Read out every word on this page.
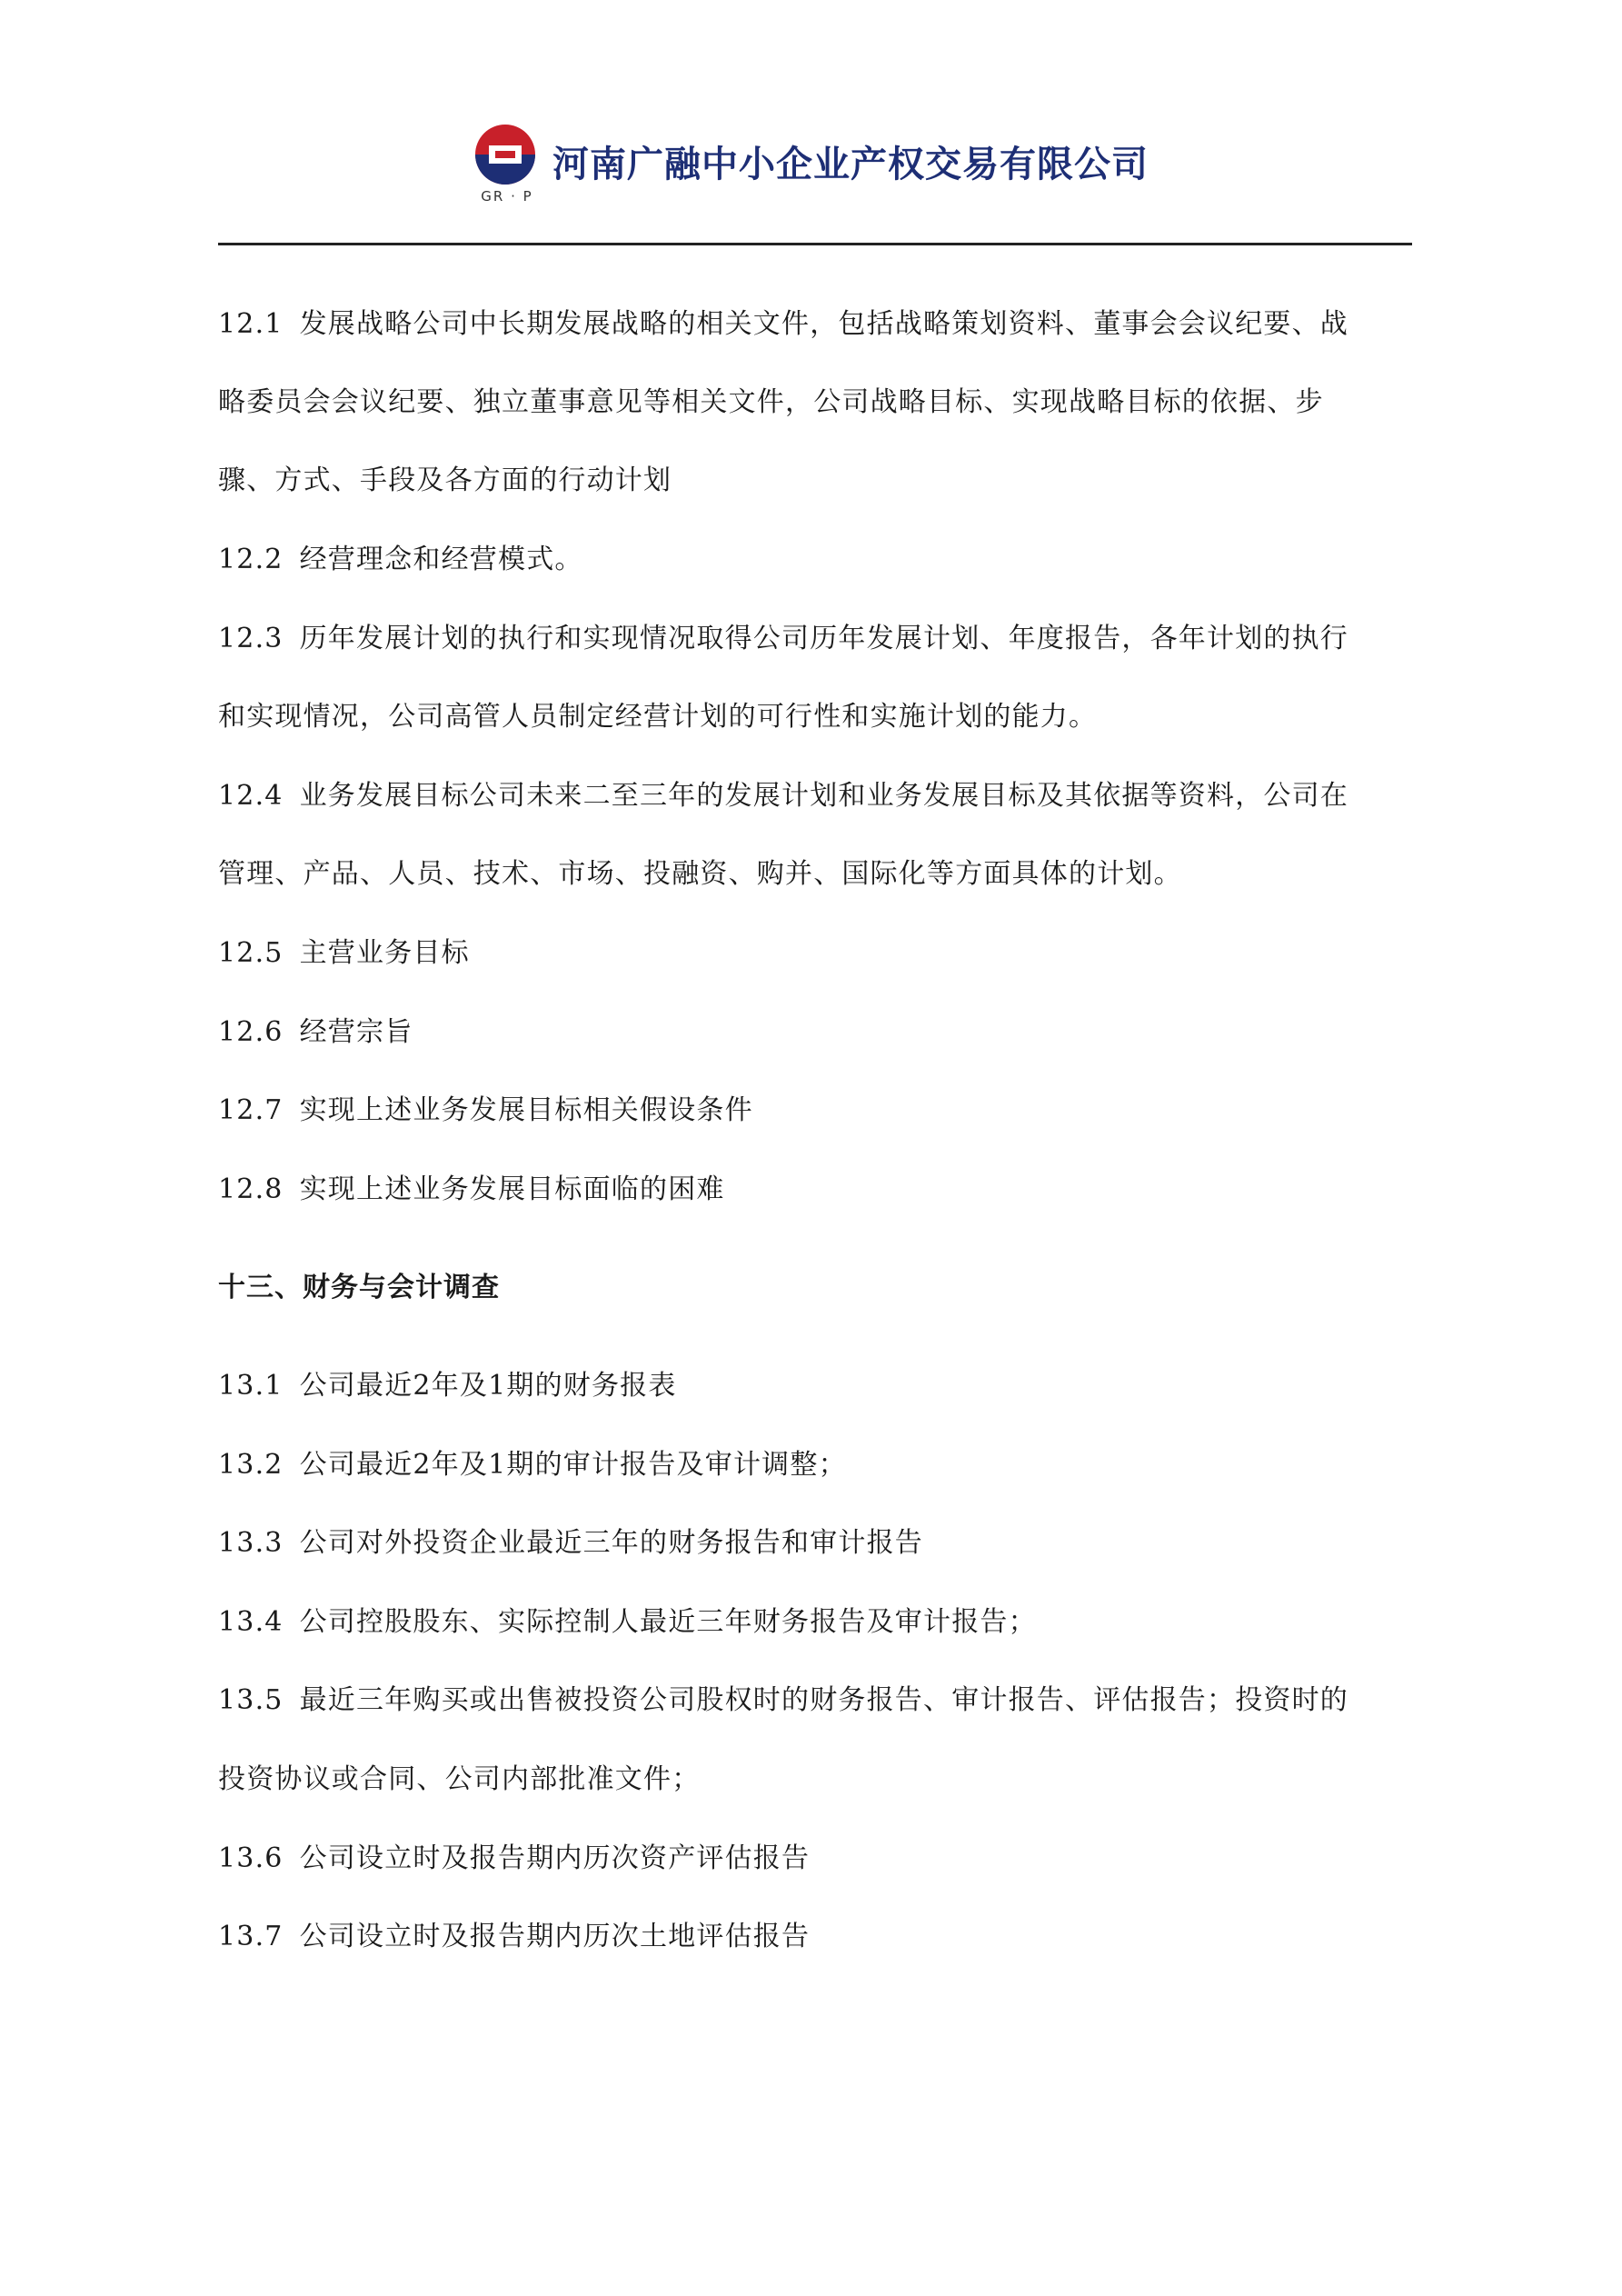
GR · P
河南广融中小企业产权交易有限公司
12.1 发展战略公司中长期发展战略的相关文件，包括战略策划资料、董事会会议纪要、战
略委员会会议纪要、独立董事意见等相关文件，公司战略目标、实现战略目标的依据、步
骤、方式、手段及各方面的行动计划
12.2 经营理念和经营模式。
12.3 历年发展计划的执行和实现情况取得公司历年发展计划、年度报告，各年计划的执行
和实现情况，公司高管人员制定经营计划的可行性和实施计划的能力。
12.4 业务发展目标公司未来二至三年的发展计划和业务发展目标及其依据等资料，公司在
管理、产品、人员、技术、市场、投融资、购并、国际化等方面具体的计划。
12.5 主营业务目标
12.6 经营宗旨
12.7 实现上述业务发展目标相关假设条件
12.8 实现上述业务发展目标面临的困难
十三、财务与会计调查
13.1 公司最近2年及1期的财务报表
13.2 公司最近2年及1期的审计报告及审计调整；
13.3 公司对外投资企业最近三年的财务报告和审计报告
13.4 公司控股股东、实际控制人最近三年财务报告及审计报告；
13.5 最近三年购买或出售被投资公司股权时的财务报告、审计报告、评估报告；投资时的
投资协议或合同、公司内部批准文件；
13.6 公司设立时及报告期内历次资产评估报告
13.7 公司设立时及报告期内历次土地评估报告
